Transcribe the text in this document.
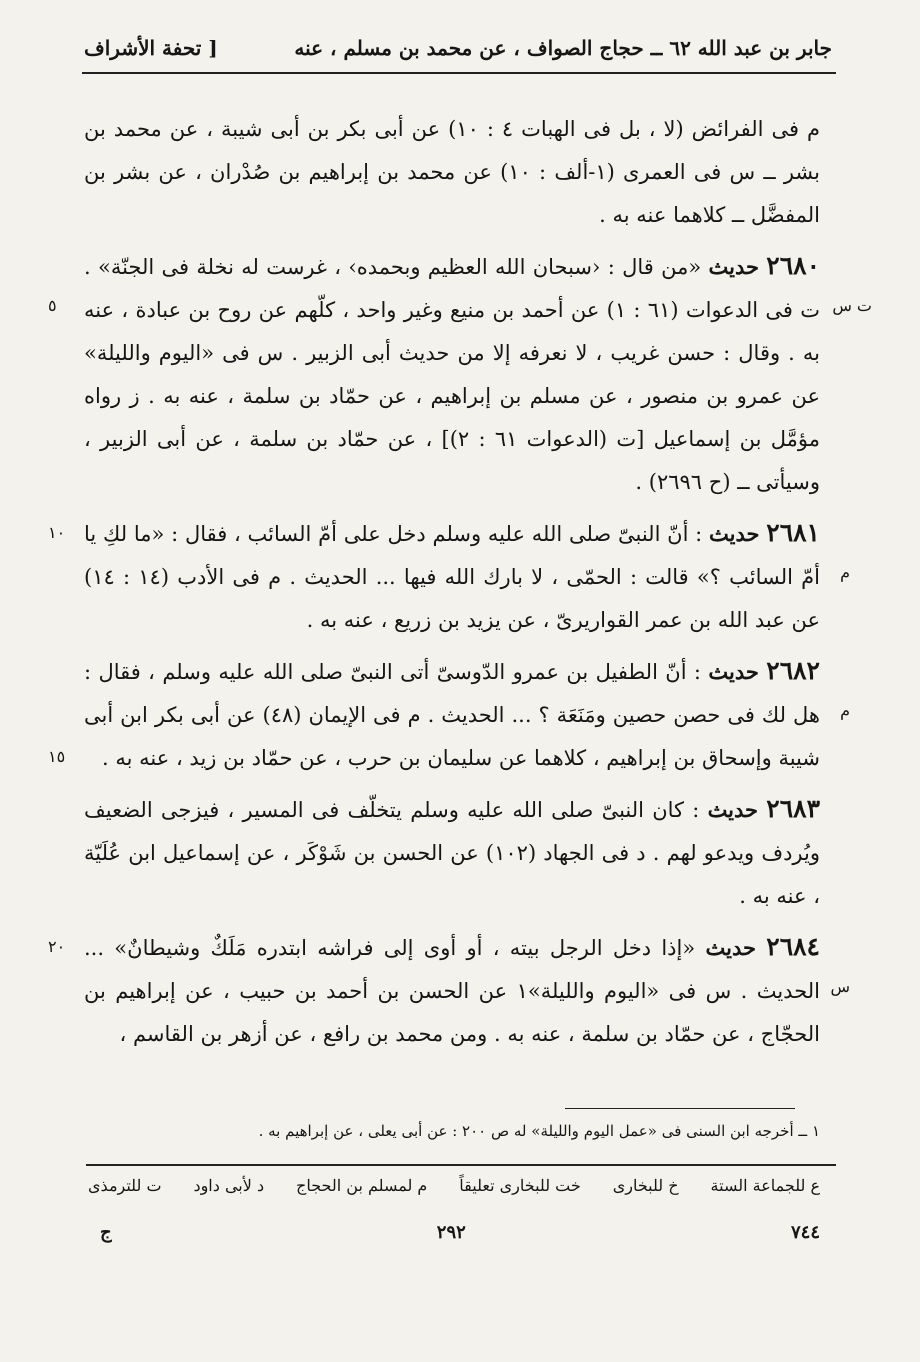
جابر بن عبد الله ٦٢ ــ حجاج الصواف ، عن محمد بن مسلم ، عنه
[ تحفة الأشراف

م فى الفرائض (لا ، بل فى الهبات ٤ : ١٠) عن أبى بكر بن أبى شيبة ، عن محمد بن بشر ــ س فى العمرى (١-ألف : ١٠) عن محمد بن إبراهيم بن صُدْران ، عن بشر بن المفضَّل ــ كلاهما عنه به .

٢٦٨٠ حديث «من قال : ‹سبحان الله العظيم وبحمده› ، غرست له نخلة فى الجنّة» . ت فى الدعوات (٦١ : ١) عن أحمد بن منيع وغير واحد ، كلّهم عن روح بن عبادة ، عنه به . وقال : حسن غريب ، لا نعرفه إلا من حديث أبى الزبير . س فى «اليوم والليلة» عن عمرو بن منصور ، عن مسلم بن إبراهيم ، عن حمّاد بن سلمة ، عنه به . ز رواه مؤمَّل بن إسماعيل [ت (الدعوات ٦١ : ٢)] ، عن حمّاد بن سلمة ، عن أبى الزبير ، وسيأتى ــ (ح ٢٦٩٦) .
ت س
٥

٢٦٨١ حديث : أنّ النبىّ صلى الله عليه وسلم دخل على أمّ السائب ، فقال : «ما لكِ يا أمّ السائب ؟» قالت : الحمّى ، لا بارك الله فيها ... الحديث . م فى الأدب (١٤ : ١٤) عن عبد الله بن عمر القواريرىّ ، عن يزيد بن زريع ، عنه به .
م
١٠

٢٦٨٢ حديث : أنّ الطفيل بن عمرو الدّوسىّ أتى النبىّ صلى الله عليه وسلم ، فقال : هل لك فى حصن حصين ومَنَعَة ؟ ... الحديث . م فى الإيمان (٤٨) عن أبى بكر ابن أبى شيبة وإسحاق بن إبراهيم ، كلاهما عن سليمان بن حرب ، عن حمّاد بن زيد ، عنه به .
م
١٥

٢٦٨٣ حديث : كان النبىّ صلى الله عليه وسلم يتخلّف فى المسير ، فيزجى الضعيف ويُردف ويدعو لهم . د فى الجهاد (١٠٢) عن الحسن بن شَوْكَر ، عن إسماعيل ابن عُلَيّة ، عنه به .

٢٦٨٤ حديث «إذا دخل الرجل بيته ، أو أوى إلى فراشه ابتدره مَلَكٌ وشيطانٌ» ... الحديث . س فى «اليوم والليلة»١ عن الحسن بن أحمد بن حبيب ، عن إبراهيم بن الحجّاج ، عن حمّاد بن سلمة ، عنه به . ومن محمد بن رافع ، عن أزهر بن القاسم ،
س
٢٠

١ ــ أخرجه ابن السنى فى «عمل اليوم والليلة» له ص ٢٠٠ : عن أبى يعلى ، عن إبراهيم به .
ع للجماعة الستة
خ للبخارى
خت للبخارى تعليقاً
م لمسلم بن الحجاج
د لأبى داود
ت للترمذى
٧٤٤
٢٩٢
ج
